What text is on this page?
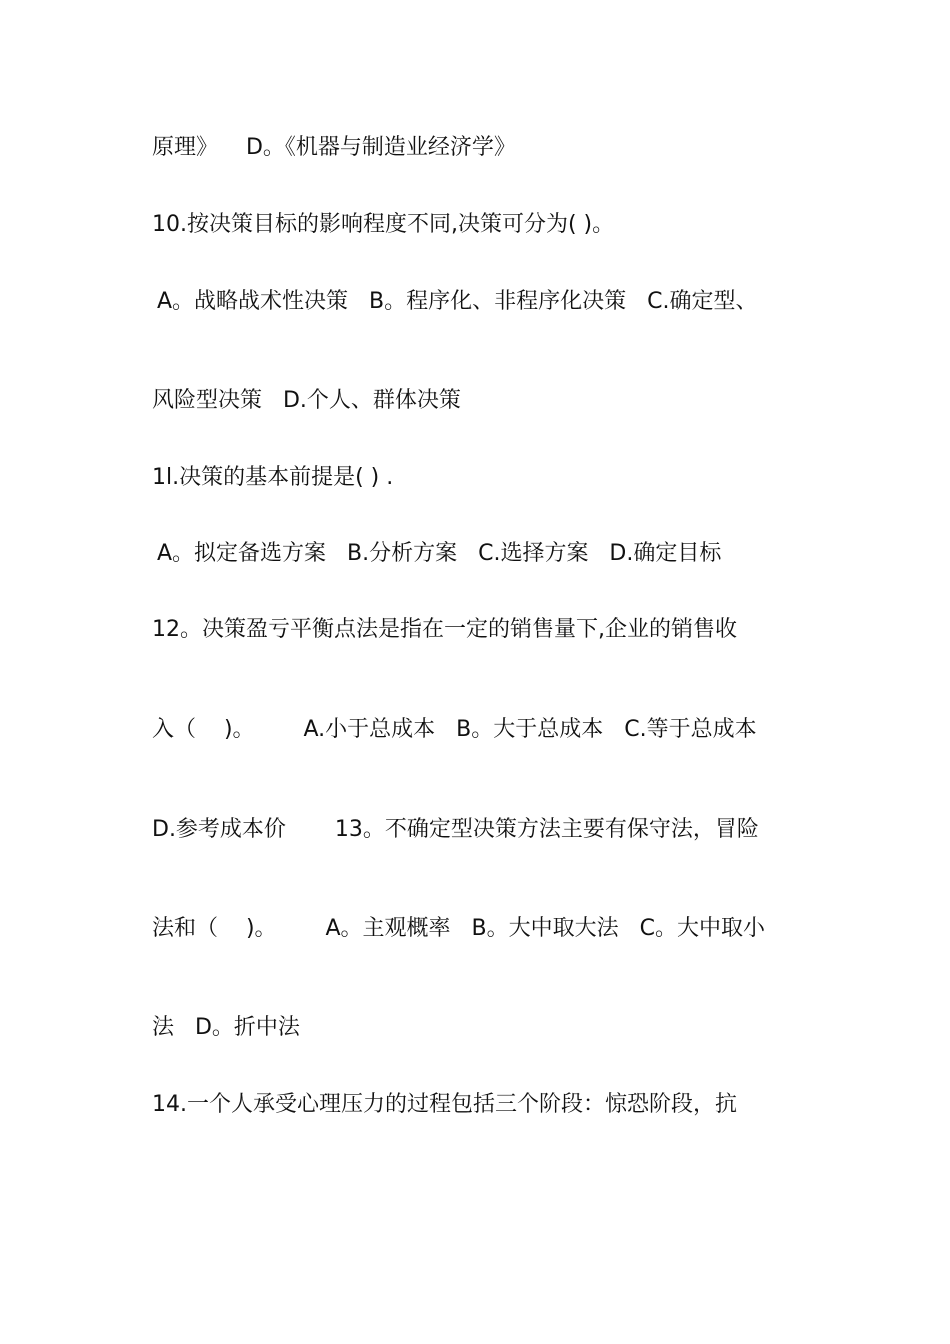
原理》    D。《机器与制造业经济学》

10.按决策目标的影响程度不同,决策可分为( )。

A。战略战术性决策   B。程序化、非程序化决策   C.确定型、

风险型决策   D.个人、群体决策

1l.决策的基本前提是( ) .

A。拟定备选方案   B.分析方案   C.选择方案   D.确定目标

12。决策盈亏平衡点法是指在一定的销售量下,企业的销售收

入（    )。       A.小于总成本   B。大于总成本   C.等于总成本

D.参考成本价       13。不确定型决策方法主要有保守法，冒险

法和（    )。       A。主观概率   B。大中取大法   C。大中取小

法   D。折中法

14.一个人承受心理压力的过程包括三个阶段：惊恐阶段，抗
